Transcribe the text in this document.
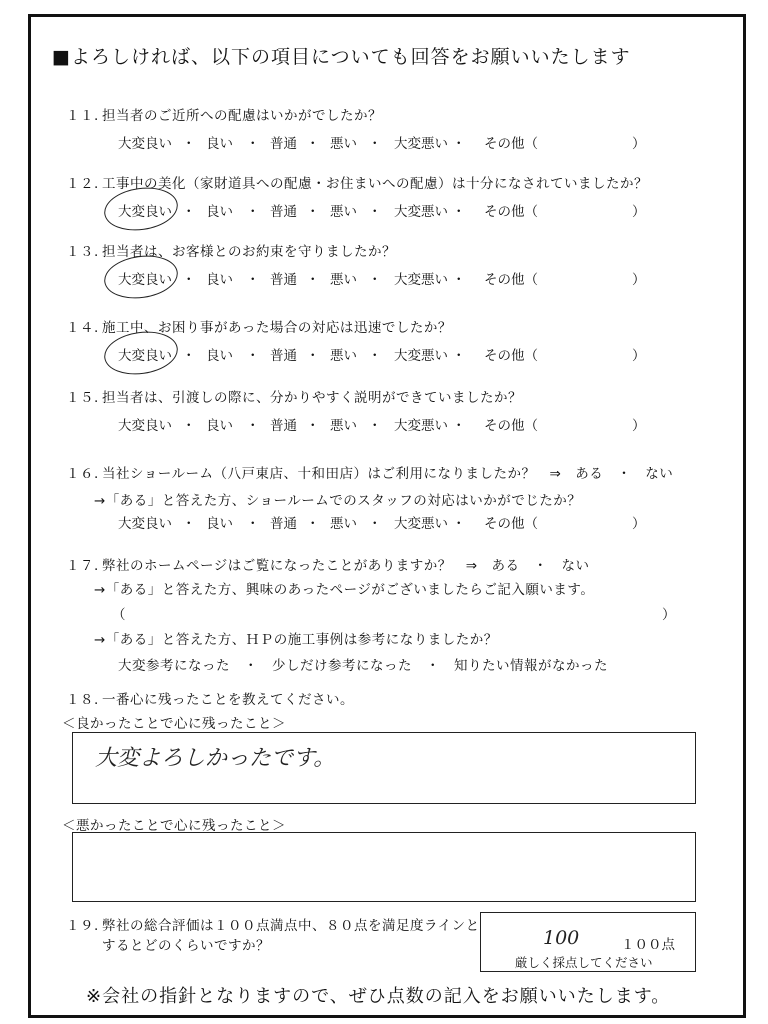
■よろしければ、以下の項目についても回答をお願いいたします
１１. 担当者のご近所への配慮はいかがでしたか？
大変良い ・ 良い ・ 普通 ・ 悪い ・ 大変悪い ・ その他（	）
１２. 工事中の美化（家財道具への配慮・お住まいへの配慮）は十分になされていましたか？
大変良い ・ 良い ・ 普通 ・ 悪い ・ 大変悪い ・ その他（	）
１３. 担当者は、お客様とのお約束を守りましたか？
大変良い ・ 良い ・ 普通 ・ 悪い ・ 大変悪い ・ その他（	）
１４. 施工中、お困り事があった場合の対応は迅速でしたか？
大変良い ・ 良い ・ 普通 ・ 悪い ・ 大変悪い ・ その他（	）
１５. 担当者は、引渡しの際に、分かりやすく説明ができていましたか？
大変良い ・ 良い ・ 普通 ・ 悪い ・ 大変悪い ・ その他（	）
１６. 当社ショールーム（八戸東店、十和田店）はご利用になりましたか？　⇒　ある　・　ない
→「ある」と答えた方、ショールームでのスタッフの対応はいかがでじたか？
大変良い ・ 良い ・ 普通 ・ 悪い ・ 大変悪い ・ その他（	）
１７. 弊社のホームページはご覧になったことがありますか？　⇒　ある　・　ない
→「ある」と答えた方、興味のあったページがございましたらご記入願います。
（	）
→「ある」と答えた方、ＨＰの施工事例は参考になりましたか？
大変参考になった　・　少しだけ参考になった　・　知りたい情報がなかった
１８. 一番心に残ったことを教えてください。
＜良かったことで心に残ったこと＞
大変よろしかったです。
＜悪かったことで心に残ったこと＞
１９. 弊社の総合評価は１００点満点中、８０点を満足度ラインと
するとどのくらいですか？	100	１００点
厳しく採点してください
※会社の指針となりますので、ぜひ点数の記入をお願いいたします。
